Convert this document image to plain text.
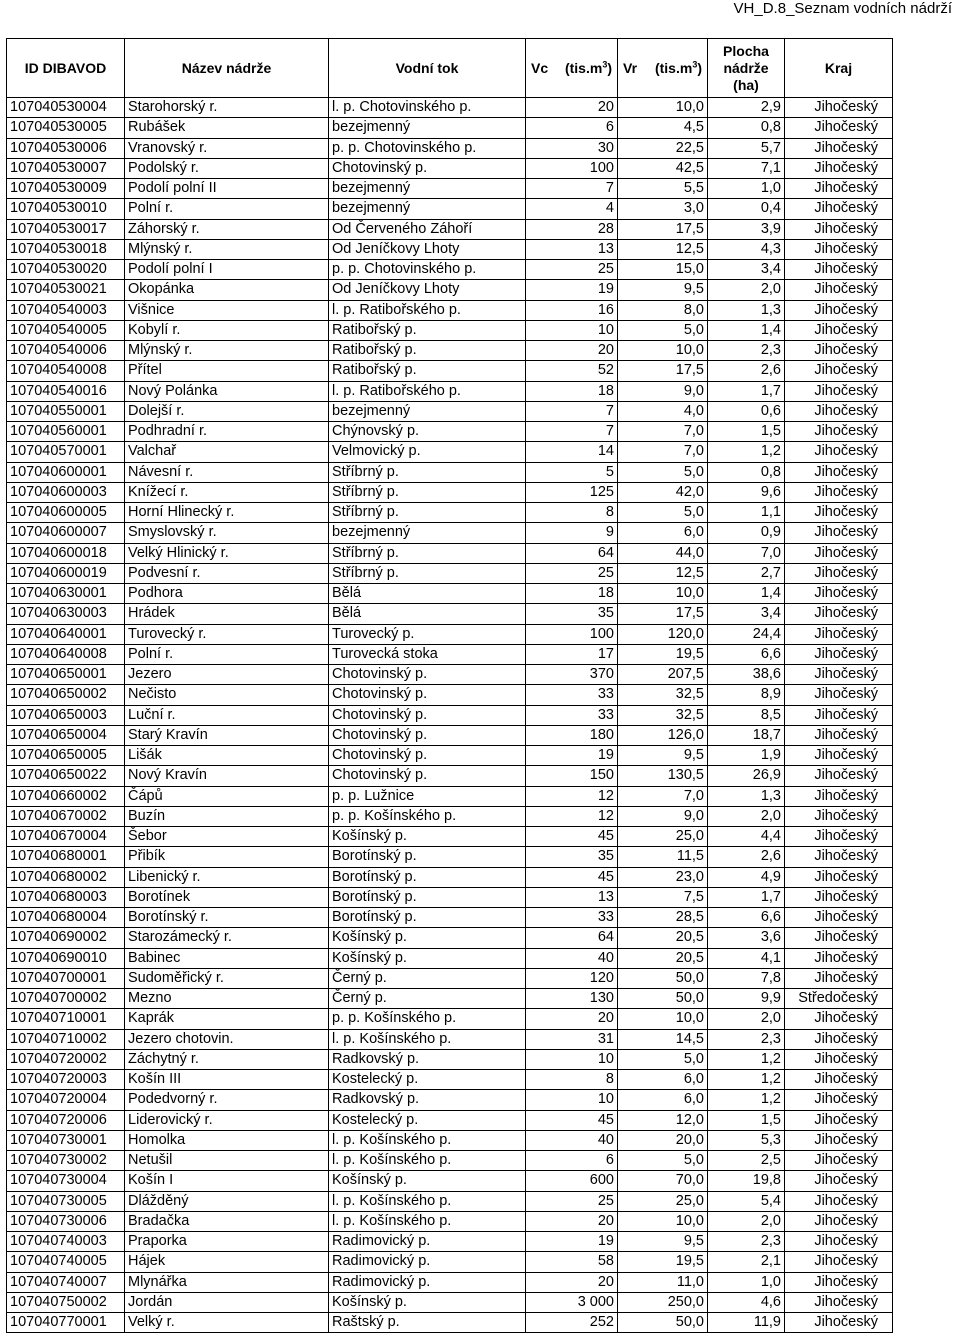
VH_D.8_Seznam vodních nádrží
ID DIBAVOD	Název nádrže	Vodní tok	Vc $(tis.m^3)$	Vr $(tis.m^3)$	Plocha nádrže (ha)	Kraj
107040530004	Starohorský r.	l. p. Chotovinského p.	20	10,0	2,9	Jihočeský
107040530005	Rubášek	bezejmenný	6	4,5	0,8	Jihočeský
107040530006	Vranovský r.	p. p. Chotovinského p.	30	22,5	5,7	Jihočeský
107040530007	Podolský r.	Chotovinský p.	100	42,5	7,1	Jihočeský
107040530009	Podolí polní II	bezejmenný	7	5,5	1,0	Jihočeský
107040530010	Polní r.	bezejmenný	4	3,0	0,4	Jihočeský
107040530017	Záhorský r.	Od Červeného Záhoří	28	17,5	3,9	Jihočeský
107040530018	Mlýnský r.	Od Jeníčkovy Lhoty	13	12,5	4,3	Jihočeský
107040530020	Podolí polní I	p. p. Chotovinského p.	25	15,0	3,4	Jihočeský
107040530021	Okopánka	Od Jeníčkovy Lhoty	19	9,5	2,0	Jihočeský
107040540003	Višnice	l. p. Ratibořského p.	16	8,0	1,3	Jihočeský
107040540005	Kobylí r.	Ratibořský p.	10	5,0	1,4	Jihočeský
107040540006	Mlýnský r.	Ratibořský p.	20	10,0	2,3	Jihočeský
107040540008	Přítel	Ratibořský p.	52	17,5	2,6	Jihočeský
107040540016	Nový Polánka	l. p. Ratibořského p.	18	9,0	1,7	Jihočeský
107040550001	Dolejší r.	bezejmenný	7	4,0	0,6	Jihočeský
107040560001	Podhradní r.	Chýnovský p.	7	7,0	1,5	Jihočeský
107040570001	Valchař	Velmovický p.	14	7,0	1,2	Jihočeský
107040600001	Návesní r.	Stříbrný p.	5	5,0	0,8	Jihočeský
107040600003	Knížecí r.	Stříbrný p.	125	42,0	9,6	Jihočeský
107040600005	Horní Hlinecký r.	Stříbrný p.	8	5,0	1,1	Jihočeský
107040600007	Smyslovský r.	bezejmenný	9	6,0	0,9	Jihočeský
107040600018	Velký Hlinický r.	Stříbrný p.	64	44,0	7,0	Jihočeský
107040600019	Podvesní r.	Stříbrný p.	25	12,5	2,7	Jihočeský
107040630001	Podhora	Bělá	18	10,0	1,4	Jihočeský
107040630003	Hrádek	Bělá	35	17,5	3,4	Jihočeský
107040640001	Turovecký r.	Turovecký p.	100	120,0	24,4	Jihočeský
107040640008	Polní r.	Turovecká stoka	17	19,5	6,6	Jihočeský
107040650001	Jezero	Chotovinský p.	370	207,5	38,6	Jihočeský
107040650002	Nečisto	Chotovinský p.	33	32,5	8,9	Jihočeský
107040650003	Luční r.	Chotovinský p.	33	32,5	8,5	Jihočeský
107040650004	Starý Kravín	Chotovinský p.	180	126,0	18,7	Jihočeský
107040650005	Lišák	Chotovinský p.	19	9,5	1,9	Jihočeský
107040650022	Nový Kravín	Chotovinský p.	150	130,5	26,9	Jihočeský
107040660002	Čápů	p. p. Lužnice	12	7,0	1,3	Jihočeský
107040670002	Buzín	p. p. Košínského p.	12	9,0	2,0	Jihočeský
107040670004	Šebor	Košínský p.	45	25,0	4,4	Jihočeský
107040680001	Přibík	Borotínský p.	35	11,5	2,6	Jihočeský
107040680002	Libenický r.	Borotínský p.	45	23,0	4,9	Jihočeský
107040680003	Borotínek	Borotínský p.	13	7,5	1,7	Jihočeský
107040680004	Borotínský r.	Borotínský p.	33	28,5	6,6	Jihočeský
107040690002	Starozámecký r.	Košínský p.	64	20,5	3,6	Jihočeský
107040690010	Babinec	Košínský p.	40	20,5	4,1	Jihočeský
107040700001	Sudoměřický r.	Černý p.	120	50,0	7,8	Jihočeský
107040700002	Mezno	Černý p.	130	50,0	9,9	Středočeský
107040710001	Kaprák	p. p. Košínského p.	20	10,0	2,0	Jihočeský
107040710002	Jezero chotovin.	l. p. Košínského p.	31	14,5	2,3	Jihočeský
107040720002	Záchytný r.	Radkovský p.	10	5,0	1,2	Jihočeský
107040720003	Košín III	Kostelecký p.	8	6,0	1,2	Jihočeský
107040720004	Podedvorný r.	Radkovský p.	10	6,0	1,2	Jihočeský
107040720006	Liderovický r.	Kostelecký p.	45	12,0	1,5	Jihočeský
107040730001	Homolka	l. p. Košínského p.	40	20,0	5,3	Jihočeský
107040730002	Netušil	l. p. Košínského p.	6	5,0	2,5	Jihočeský
107040730004	Košín I	Košínský p.	600	70,0	19,8	Jihočeský
107040730005	Dlážděný	l. p. Košínského p.	25	25,0	5,4	Jihočeský
107040730006	Bradačka	l. p. Košínského p.	20	10,0	2,0	Jihočeský
107040740003	Praporka	Radimovický p.	19	9,5	2,3	Jihočeský
107040740005	Hájek	Radimovický p.	58	19,5	2,1	Jihočeský
107040740007	Mlynářka	Radimovický p.	20	11,0	1,0	Jihočeský
107040750002	Jordán	Košínský p.	3 000	250,0	4,6	Jihočeský
107040770001	Velký r.	Raštský p.	252	50,0	11,9	Jihočeský
